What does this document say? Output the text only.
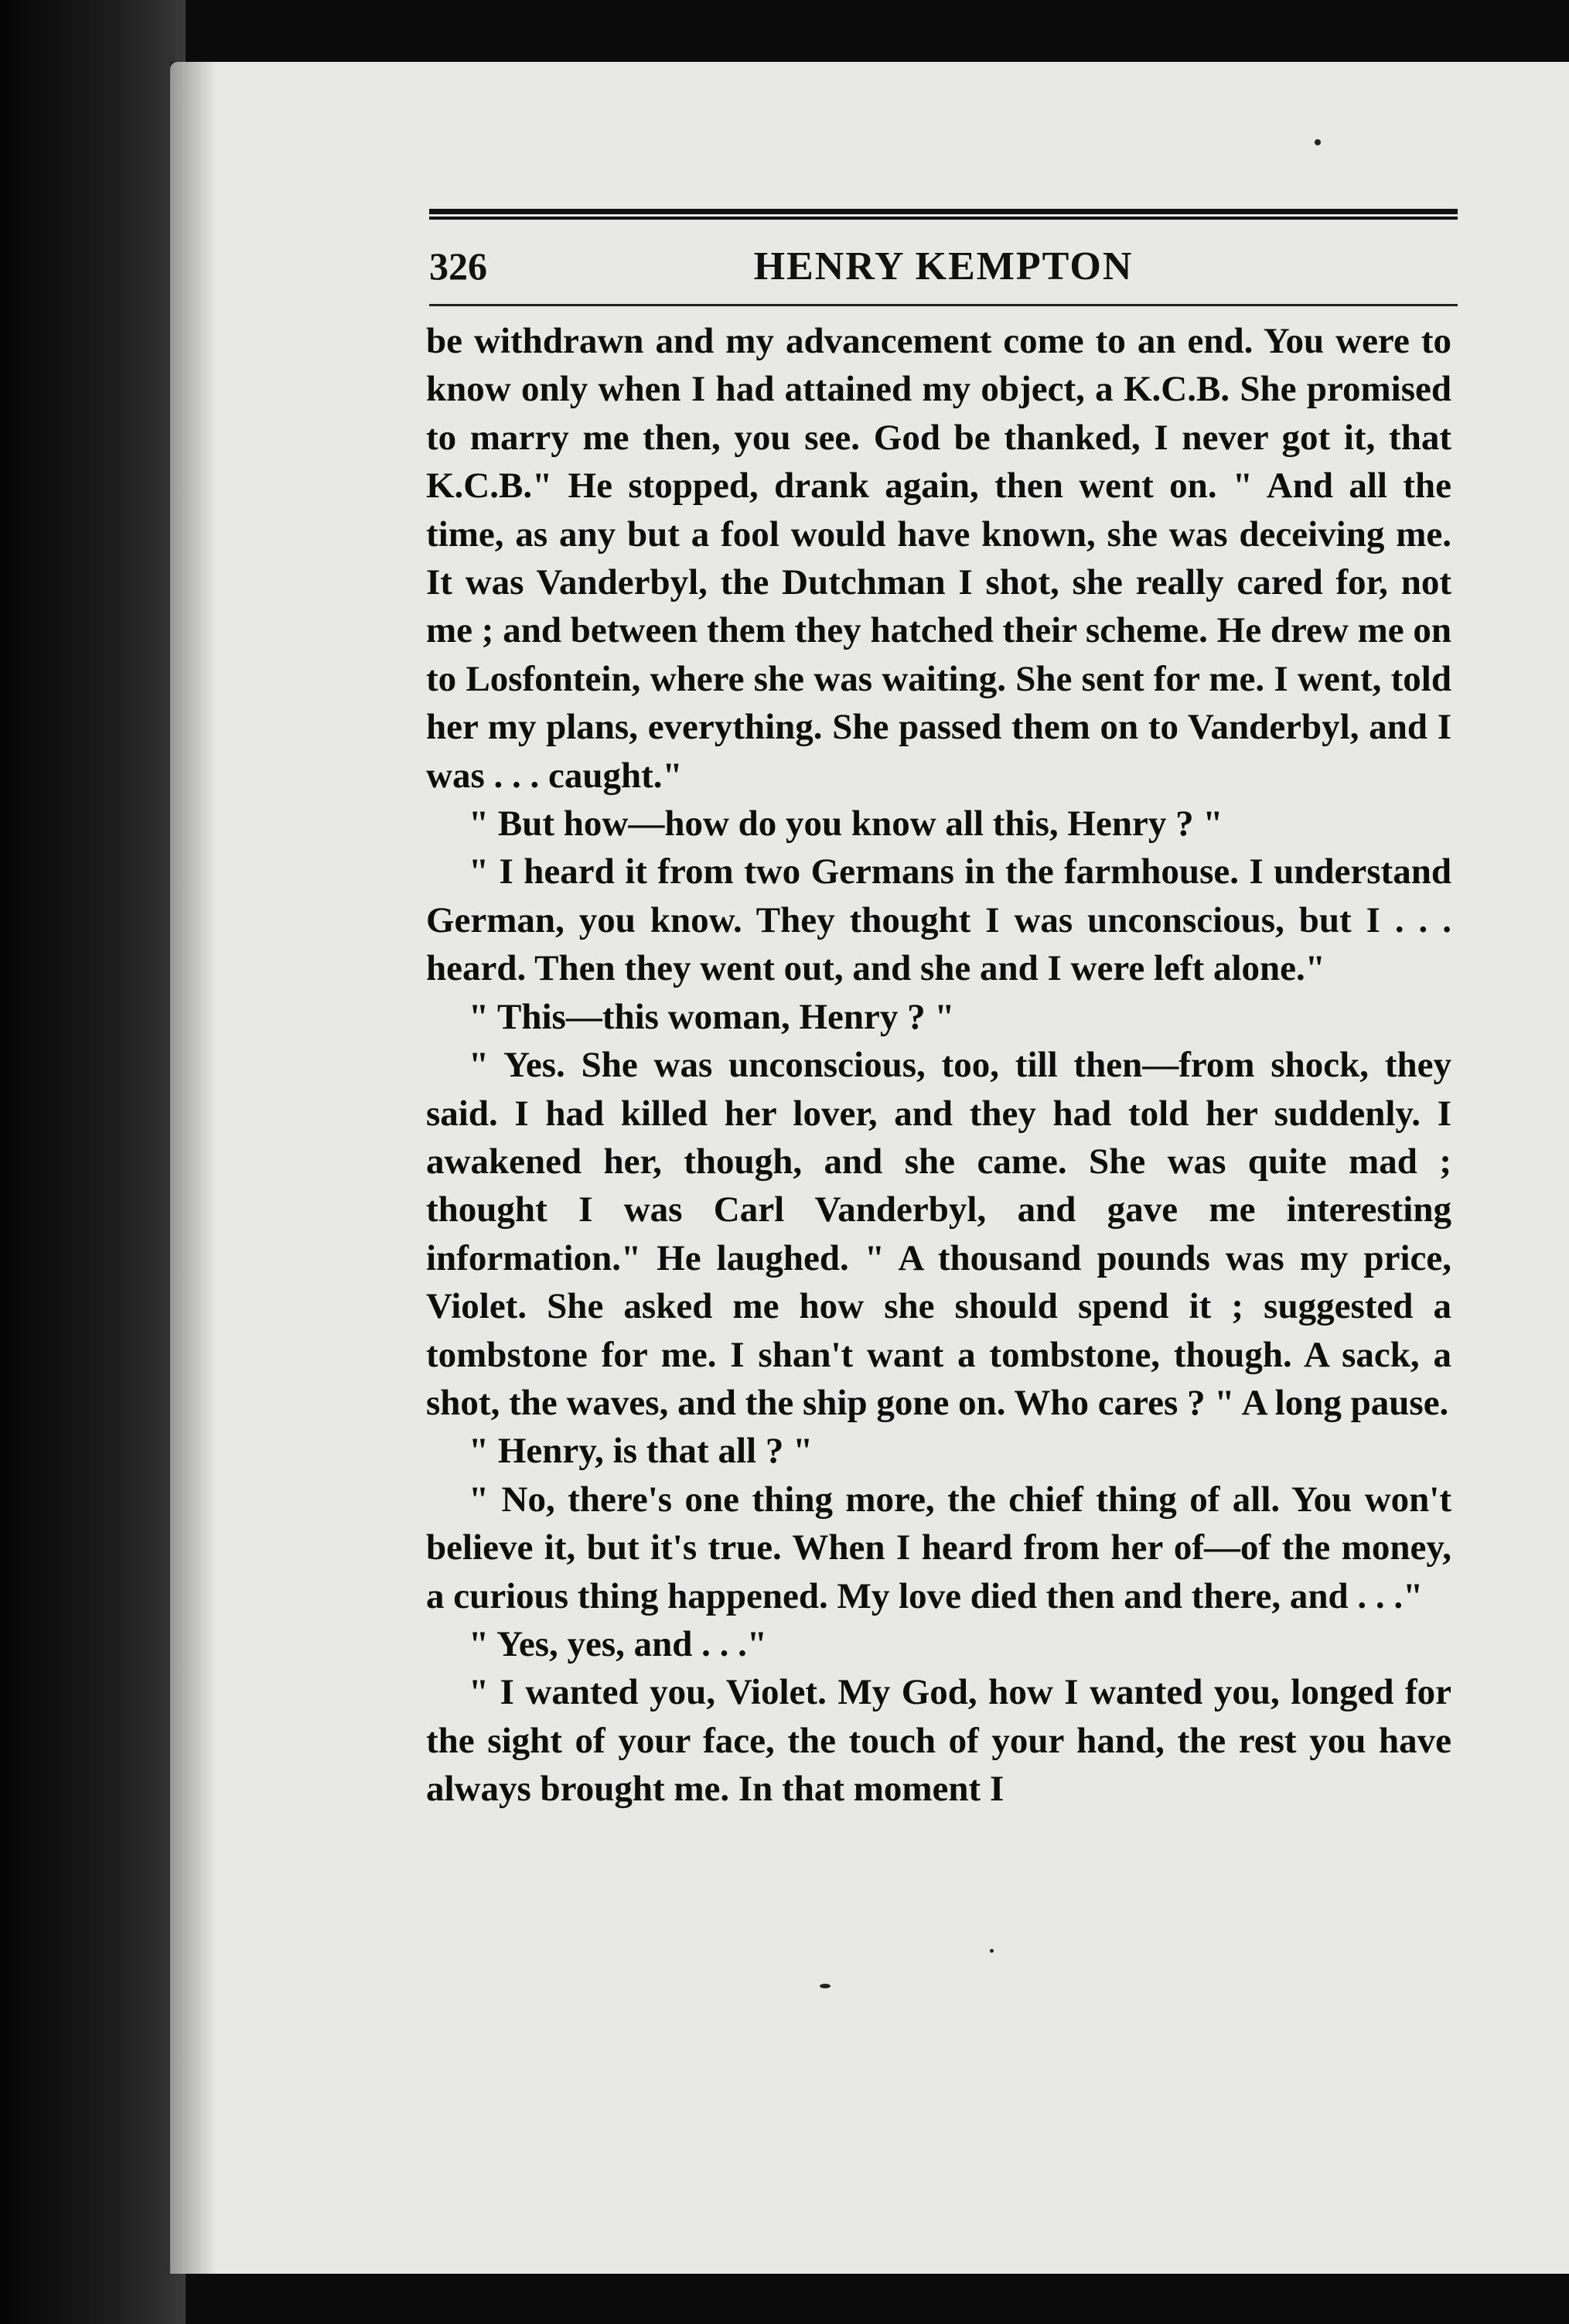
326	HENRY KEMPTON

be withdrawn and my advancement come to an end. You were to know only when I had attained my object, a K.C.B. She promised to marry me then, you see. God be thanked, I never got it, that K.C.B." He stopped, drank again, then went on. " And all the time, as any but a fool would have known, she was deceiving me. It was Vanderbyl, the Dutchman I shot, she really cared for, not me ; and between them they hatched their scheme. He drew me on to Losfontein, where she was waiting. She sent for me. I went, told her my plans, everything. She passed them on to Vanderbyl, and I was . . . caught."

" But how—how do you know all this, Henry ? "

" I heard it from two Germans in the farmhouse. I understand German, you know. They thought I was unconscious, but I . . . heard. Then they went out, and she and I were left alone."

" This—this woman, Henry ? "

" Yes. She was unconscious, too, till then—from shock, they said. I had killed her lover, and they had told her suddenly. I awakened her, though, and she came. She was quite mad ; thought I was Carl Vanderbyl, and gave me interesting information." He laughed. " A thousand pounds was my price, Violet. She asked me how she should spend it ; suggested a tombstone for me. I shan't want a tombstone, though. A sack, a shot, the waves, and the ship gone on. Who cares ? " A long pause.

" Henry, is that all ? "

" No, there's one thing more, the chief thing of all. You won't believe it, but it's true. When I heard from her of—of the money, a curious thing happened. My love died then and there, and . . ."

" Yes, yes, and . . ."

" I wanted you, Violet. My God, how I wanted you, longed for the sight of your face, the touch of your hand, the rest you have always brought me. In that moment I
